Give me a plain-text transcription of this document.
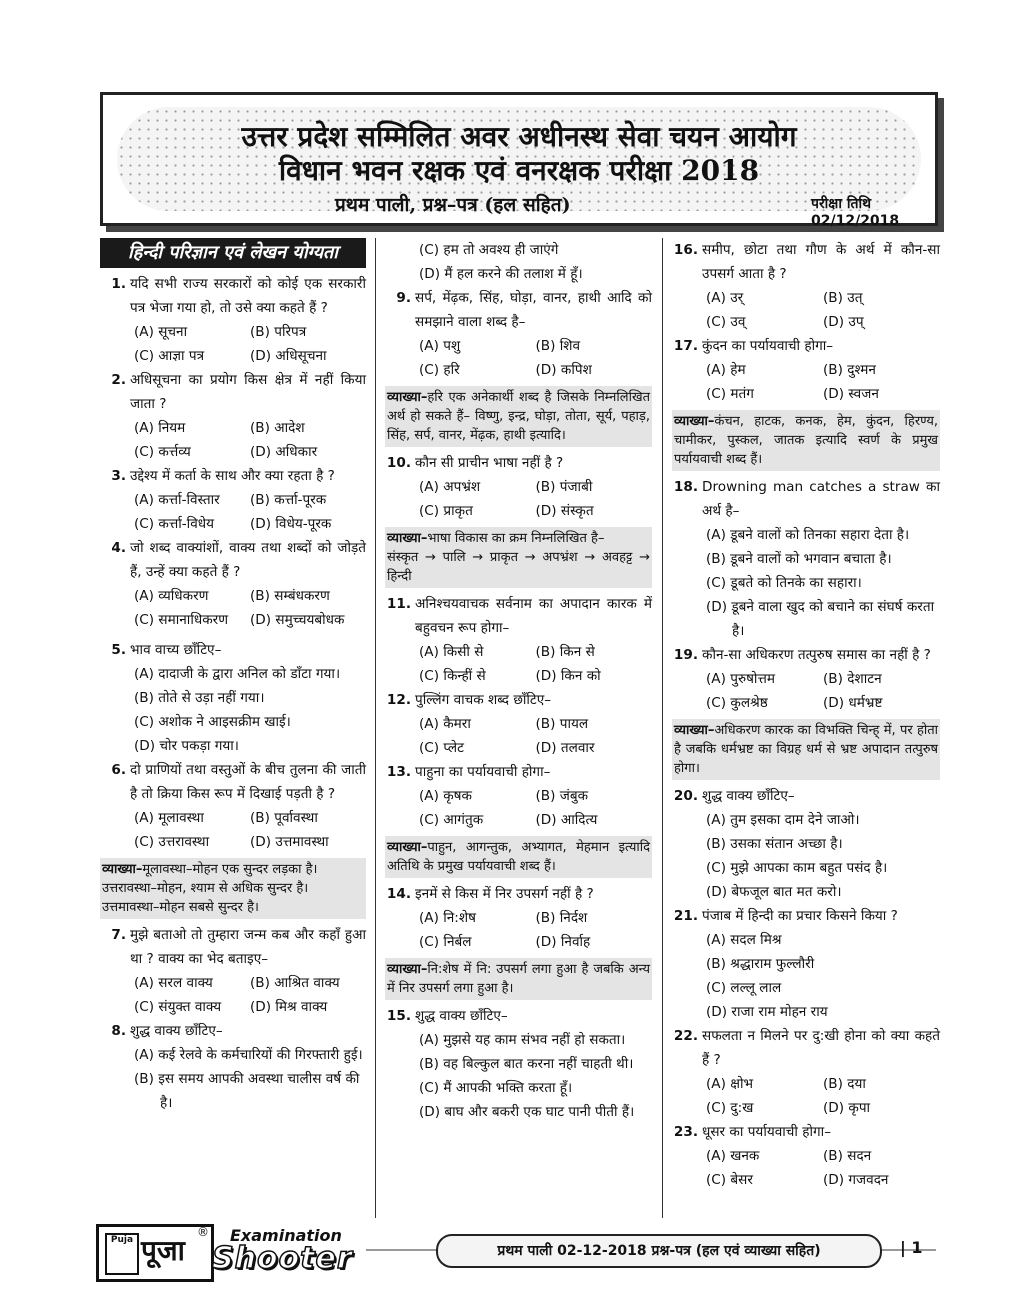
उत्तर प्रदेश सम्मिलित अवर अधीनस्थ सेवा चयन आयोग
विधान भवन रक्षक एवं वनरक्षक परीक्षा 2018
प्रथम पाली, प्रश्न–पत्र (हल सहित)	परीक्षा तिथि 02/12/2018
हिन्दी परिज्ञान एवं लेखन योग्यता
1. यदि सभी राज्य सरकारों को कोई एक सरकारी पत्र भेजा गया हो, तो उसे क्या कहते हैं ?
(A) सूचना	(B) परिपत्र
(C) आज्ञा पत्र	(D) अधिसूचना
2. अधिसूचना का प्रयोग किस क्षेत्र में नहीं किया जाता ?
(A) नियम	(B) आदेश
(C) कर्त्तव्य	(D) अधिकार
3. उद्देश्य में कर्ता के साथ और क्या रहता है ?
(A) कर्त्ता-विस्तार	(B) कर्त्ता-पूरक
(C) कर्त्ता-विधेय	(D) विधेय-पूरक
4. जो शब्द वाक्यांशों, वाक्य तथा शब्दों को जोड़ते हैं, उन्हें क्या कहते हैं ?
(A) व्यधिकरण	(B) सम्बंधकरण
(C) समानाधिकरण	(D) समुच्चयबोधक
5. भाव वाच्य छाँटिए–
(A) दादाजी के द्वारा अनिल को डाँटा गया।
(B) तोते से उड़ा नहीं गया।
(C) अशोक ने आइसक्रीम खाई।
(D) चोर पकड़ा गया।
6. दो प्राणियों तथा वस्तुओं के बीच तुलना की जाती है तो क्रिया किस रूप में दिखाई पड़ती है ?
(A) मूलावस्था	(B) पूर्वावस्था
(C) उत्तरावस्था	(D) उत्तमावस्था
व्याख्या–मूलावस्था–मोहन एक सुन्दर लड़का है।
उत्तरावस्था–मोहन, श्याम से अधिक सुन्दर है।
उत्तमावस्था–मोहन सबसे सुन्दर है।
7. मुझे बताओ तो तुम्हारा जन्म कब और कहाँ हुआ था ? वाक्य का भेद बताइए–
(A) सरल वाक्य	(B) आश्रित वाक्य
(C) संयुक्त वाक्य	(D) मिश्र वाक्य
8. शुद्ध वाक्य छाँटिए–
(A) कई रेलवे के कर्मचारियों की गिरफ्तारी हुई।
(B) इस समय आपकी अवस्था चालीस वर्ष की है।
(C) हम तो अवश्य ही जाएंगे
(D) मैं हल करने की तलाश में हूँ।
9. सर्प, मेंढ़क, सिंह, घोड़ा, वानर, हाथी आदि को समझाने वाला शब्द है–
(A) पशु	(B) शिव
(C) हरि	(D) कपिश
व्याख्या–हरि एक अनेकार्थी शब्द है जिसके निम्नलिखित अर्थ हो सकते हैं– विष्णु, इन्द्र, घोड़ा, तोता, सूर्य, पहाड़, सिंह, सर्प, वानर, मेंढ़क, हाथी इत्यादि।
10. कौन सी प्राचीन भाषा नहीं है ?
(A) अपभ्रंश	(B) पंजाबी
(C) प्राकृत	(D) संस्कृत
व्याख्या–भाषा विकास का क्रम निम्नलिखित है–
संस्कृत → पालि → प्राकृत → अपभ्रंश → अवहट्ट → हिन्दी
11. अनिश्चयवाचक सर्वनाम का अपादान कारक में बहुवचन रूप होगा–
(A) किसी से	(B) किन से
(C) किन्हीं से	(D) किन को
12. पुल्लिंग वाचक शब्द छाँटिए–
(A) कैमरा	(B) पायल
(C) प्लेट	(D) तलवार
13. पाहुना का पर्यायवाची होगा–
(A) कृषक	(B) जंबुक
(C) आगंतुक	(D) आदित्य
व्याख्या–पाहुन, आगन्तुक, अभ्यागत, मेहमान इत्यादि अतिथि के प्रमुख पर्यायवाची शब्द हैं।
14. इनमें से किस में निर उपसर्ग नहीं है ?
(A) नि:शेष	(B) निर्दश
(C) निर्बल	(D) निर्वाह
व्याख्या–नि:शेष में नि: उपसर्ग लगा हुआ है जबकि अन्य में निर उपसर्ग लगा हुआ है।
15. शुद्ध वाक्य छाँटिए–
(A) मुझसे यह काम संभव नहीं हो सकता।
(B) वह बिल्कुल बात करना नहीं चाहती थी।
(C) मैं आपकी भक्ति करता हूँ।
(D) बाघ और बकरी एक घाट पानी पीती हैं।
16. समीप, छोटा तथा गौण के अर्थ में कौन-सा उपसर्ग आता है ?
(A) उर्	(B) उत्
(C) उव्	(D) उप्
17. कुंदन का पर्यायवाची होगा–
(A) हेम	(B) दुश्मन
(C) मतंग	(D) स्वजन
व्याख्या–कंचन, हाटक, कनक, हेम, कुंदन, हिरण्य, चामीकर, पुस्कल, जातक इत्यादि स्वर्ण के प्रमुख पर्यायवाची शब्द हैं।
18. Drowning man catches a straw का अर्थ है–
(A) डूबने वालों को तिनका सहारा देता है।
(B) डूबने वालों को भगवान बचाता है।
(C) डूबते को तिनके का सहारा।
(D) डूबने वाला खुद को बचाने का संघर्ष करता है।
19. कौन-सा अधिकरण तत्पुरुष समास का नहीं है ?
(A) पुरुषोत्तम	(B) देशाटन
(C) कुलश्रेष्ठ	(D) धर्मभ्रष्ट
व्याख्या–अधिकरण कारक का विभक्ति चिन्ह् में, पर होता है जबकि धर्मभ्रष्ट का विग्रह धर्म से भ्रष्ट अपादान तत्पुरुष होगा।
20. शुद्ध वाक्य छाँटिए–
(A) तुम इसका दाम देने जाओ।
(B) उसका संतान अच्छा है।
(C) मुझे आपका काम बहुत पसंद है।
(D) बेफजूल बात मत करो।
21. पंजाब में हिन्दी का प्रचार किसने किया ?
(A) सदल मिश्र
(B) श्रद्धाराम फुल्लौरी
(C) लल्लू लाल
(D) राजा राम मोहन राय
22. सफलता न मिलने पर दु:खी होना को क्या कहते हैं ?
(A) क्षोभ	(B) दया
(C) दु:ख	(D) कृपा
23. धूसर का पर्यायवाची होगा–
(A) खनक	(B) सदन
(C) बेसर	(D) गजवदन
Puja पूजा
®	Examination
Shooter	प्रथम पाली 02-12-2018 प्रश्न-पत्र (हल एवं व्याख्या सहित)	| 1
